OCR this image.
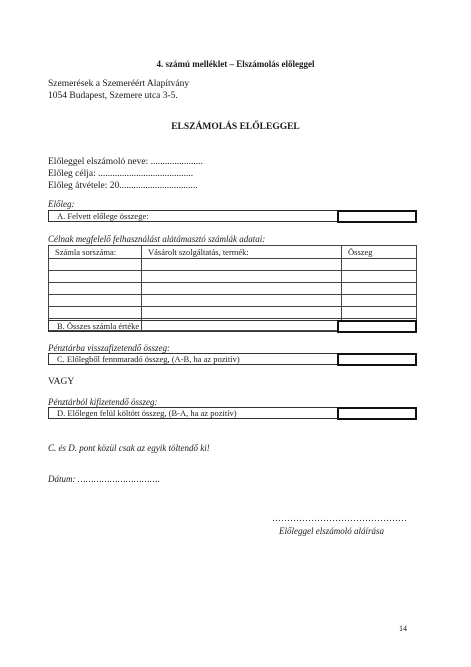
4. számú melléklet – Elszámolás előleggel
Szemerések a Szemeréért Alapítvány
1054 Budapest, Szemere utca 3-5.
ELSZÁMOLÁS ELŐLEGGEL
Előleggel elszámoló neve: ......................
Előleg célja: ........................................
Előleg átvétele: 20.................................
Előleg:
A. Felvett előlege összege:
Célnak megfelelő felhasználást alátámasztó számlák adatai:
Számla sorszáma:	Vásárolt szolgáltatás, termék:	Összeg

B. Összes számla értéke
Pénztárba visszafizetendő összeg:
C. Előlegből fennmaradó összeg, (A-B, ha az pozitív)
VAGY
Pénztárból kifizetendő összeg:
D. Előlegen felül költött összeg, (B-A, ha az pozitív)
C. és D. pont közül csak az egyik töltendő ki!
Dátum: ………………………….
………………………………………
Előleggel elszámoló aláírása
14
